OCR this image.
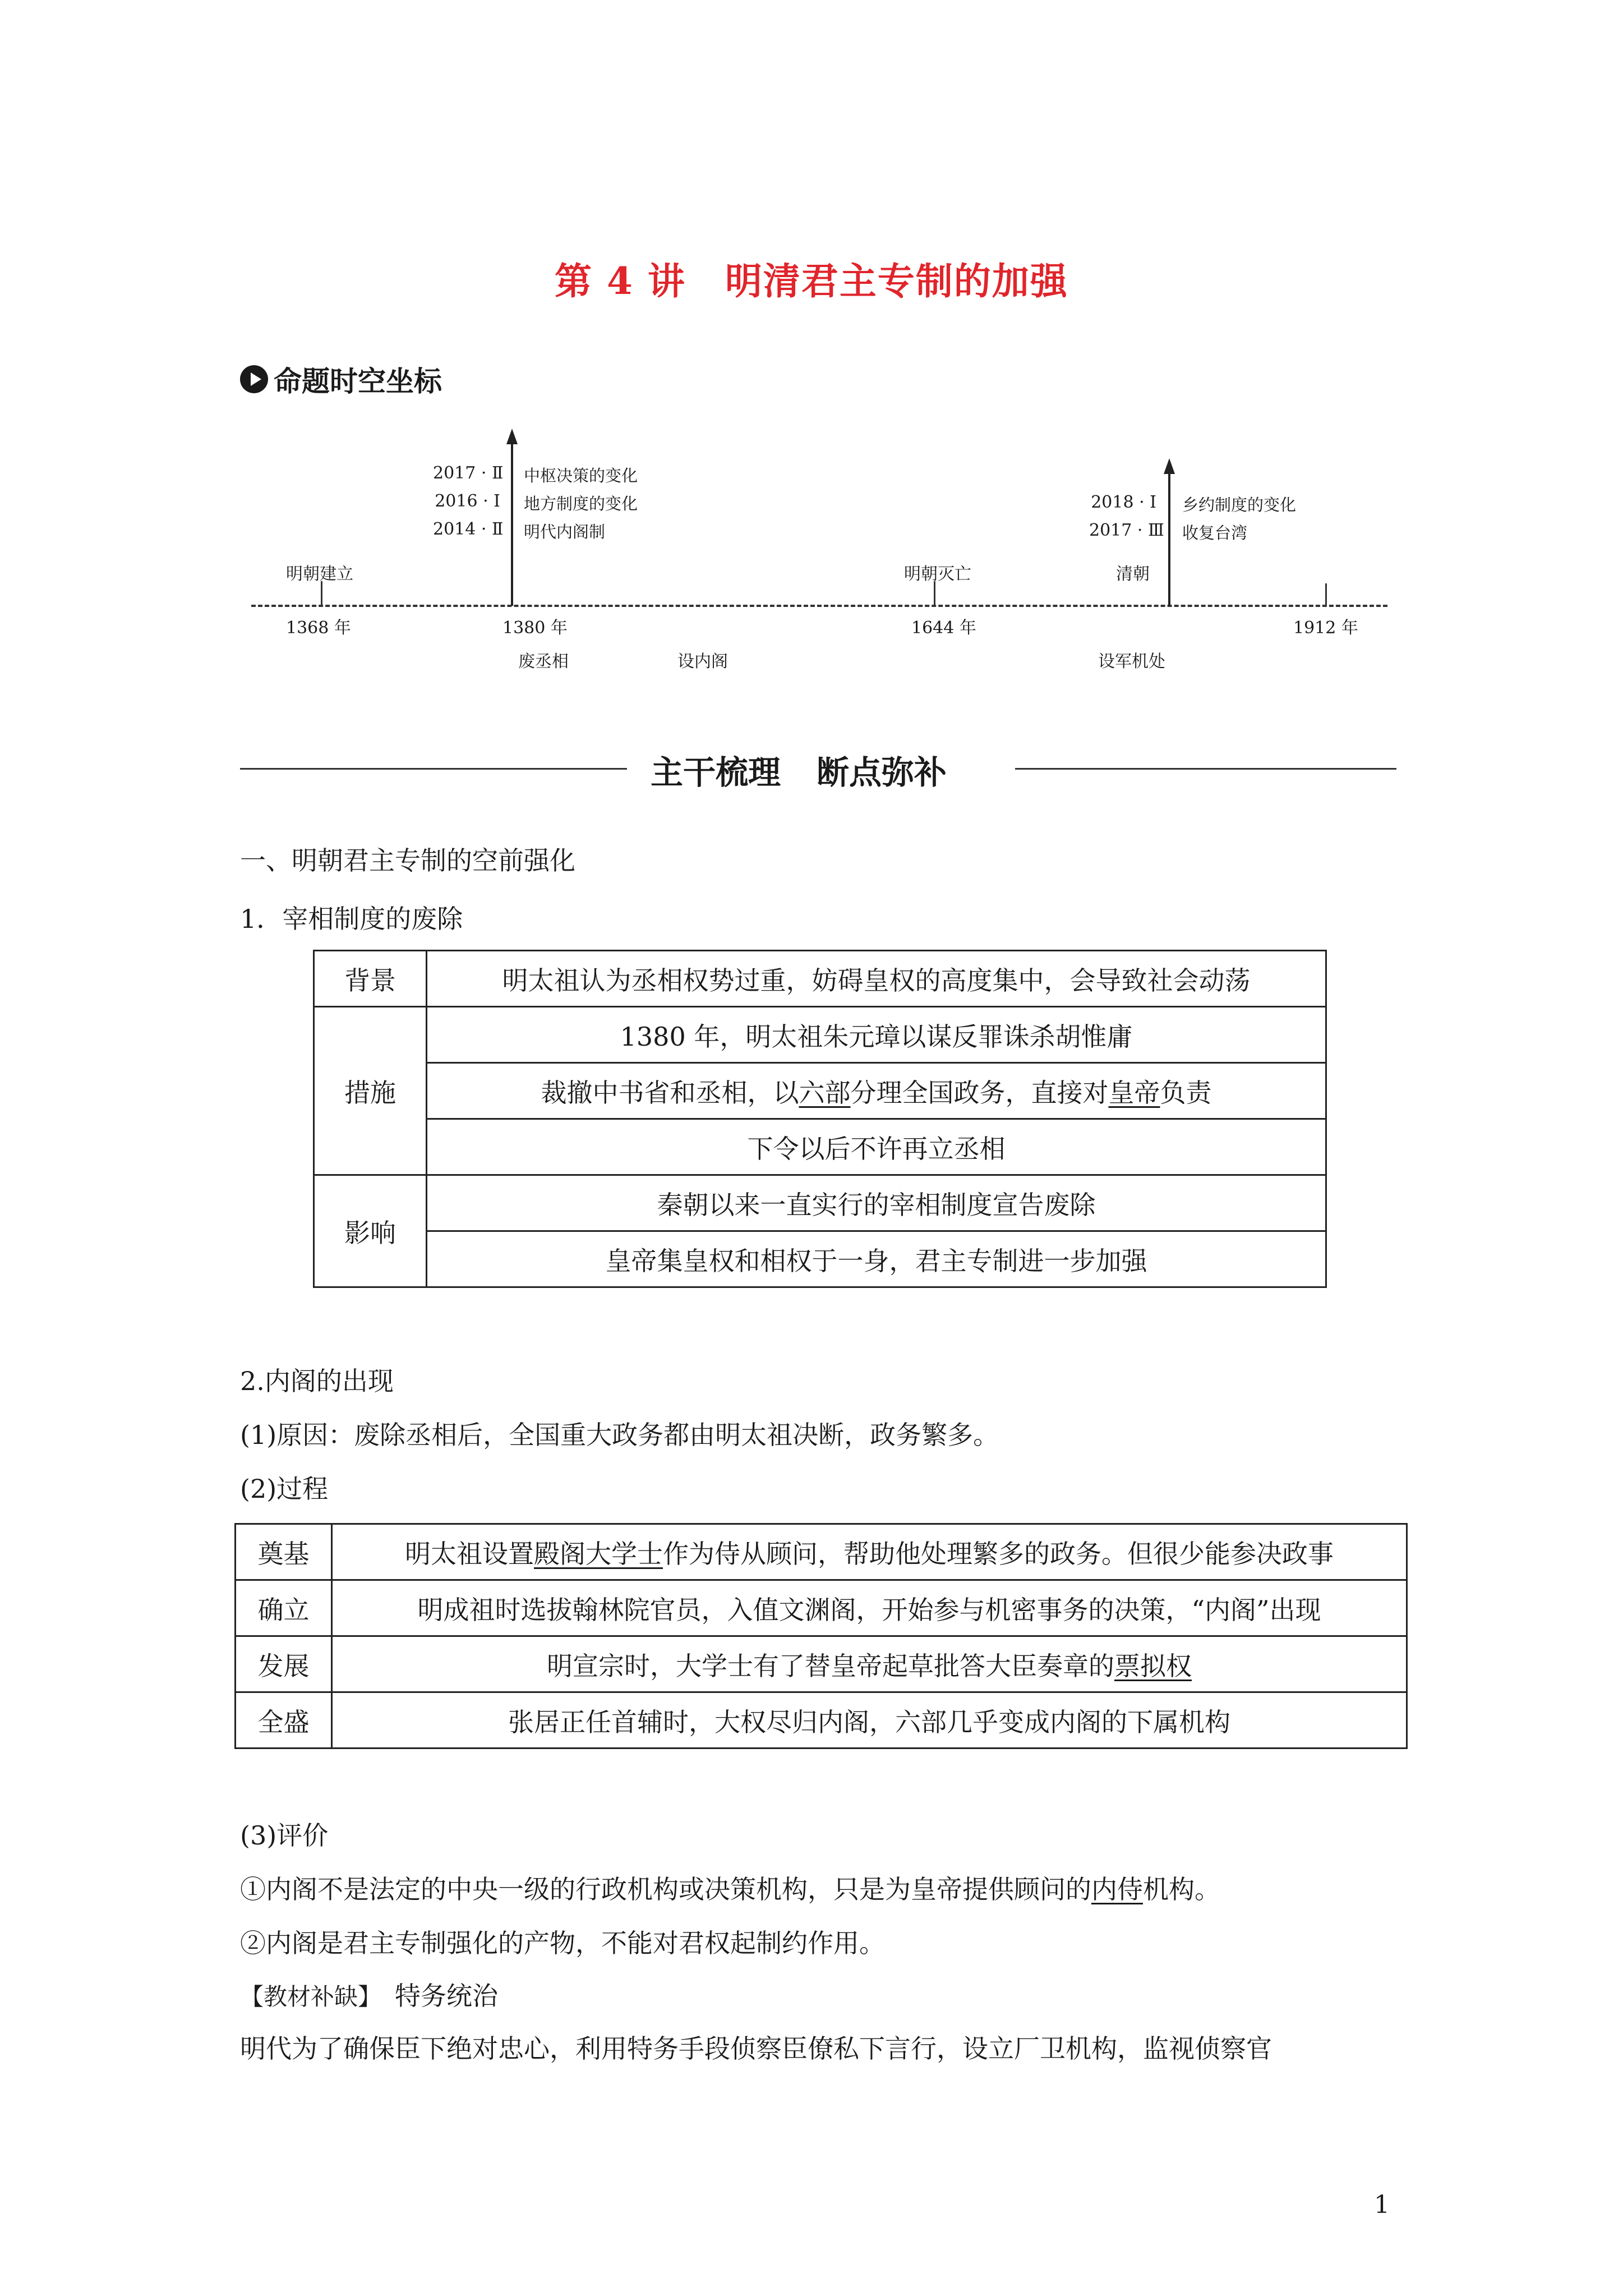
第 4 讲 明清君主专制的加强
命题时空坐标
2017 · Ⅱ
2016 · Ⅰ
2014 · Ⅱ
中枢决策的变化
地方制度的变化
明代内阁制
2018 · Ⅰ
2017 · Ⅲ
乡约制度的变化
收复台湾
明朝建立	明朝灭亡	清朝
1368 年	1380 年	1644 年	1912 年
废丞相	设内阁	设军机处
主干梳理 断点弥补
一、明朝君主专制的空前强化
1．宰相制度的废除
背景	明太祖认为丞相权势过重，妨碍皇权的高度集中，会导致社会动荡
措施	1380 年，明太祖朱元璋以谋反罪诛杀胡惟庸
	裁撤中书省和丞相，以六部分理全国政务，直接对皇帝负责
	下令以后不许再立丞相
影响	秦朝以来一直实行的宰相制度宣告废除
	皇帝集皇权和相权于一身，君主专制进一步加强
2.内阁的出现
(1)原因：废除丞相后，全国重大政务都由明太祖决断，政务繁多。
(2)过程
奠基	明太祖设置殿阁大学士作为侍从顾问，帮助他处理繁多的政务。但很少能参决政事
确立	明成祖时选拔翰林院官员，入值文渊阁，开始参与机密事务的决策，“内阁”出现
发展	明宣宗时，大学士有了替皇帝起草批答大臣奏章的票拟权
全盛	张居正任首辅时，大权尽归内阁，六部几乎变成内阁的下属机构
(3)评价
①内阁不是法定的中央一级的行政机构或决策机构，只是为皇帝提供顾问的内侍机构。
②内阁是君主专制强化的产物，不能对君权起制约作用。
【教材补缺】 特务统治
明代为了确保臣下绝对忠心，利用特务手段侦察臣僚私下言行，设立厂卫机构，监视侦察官
1
